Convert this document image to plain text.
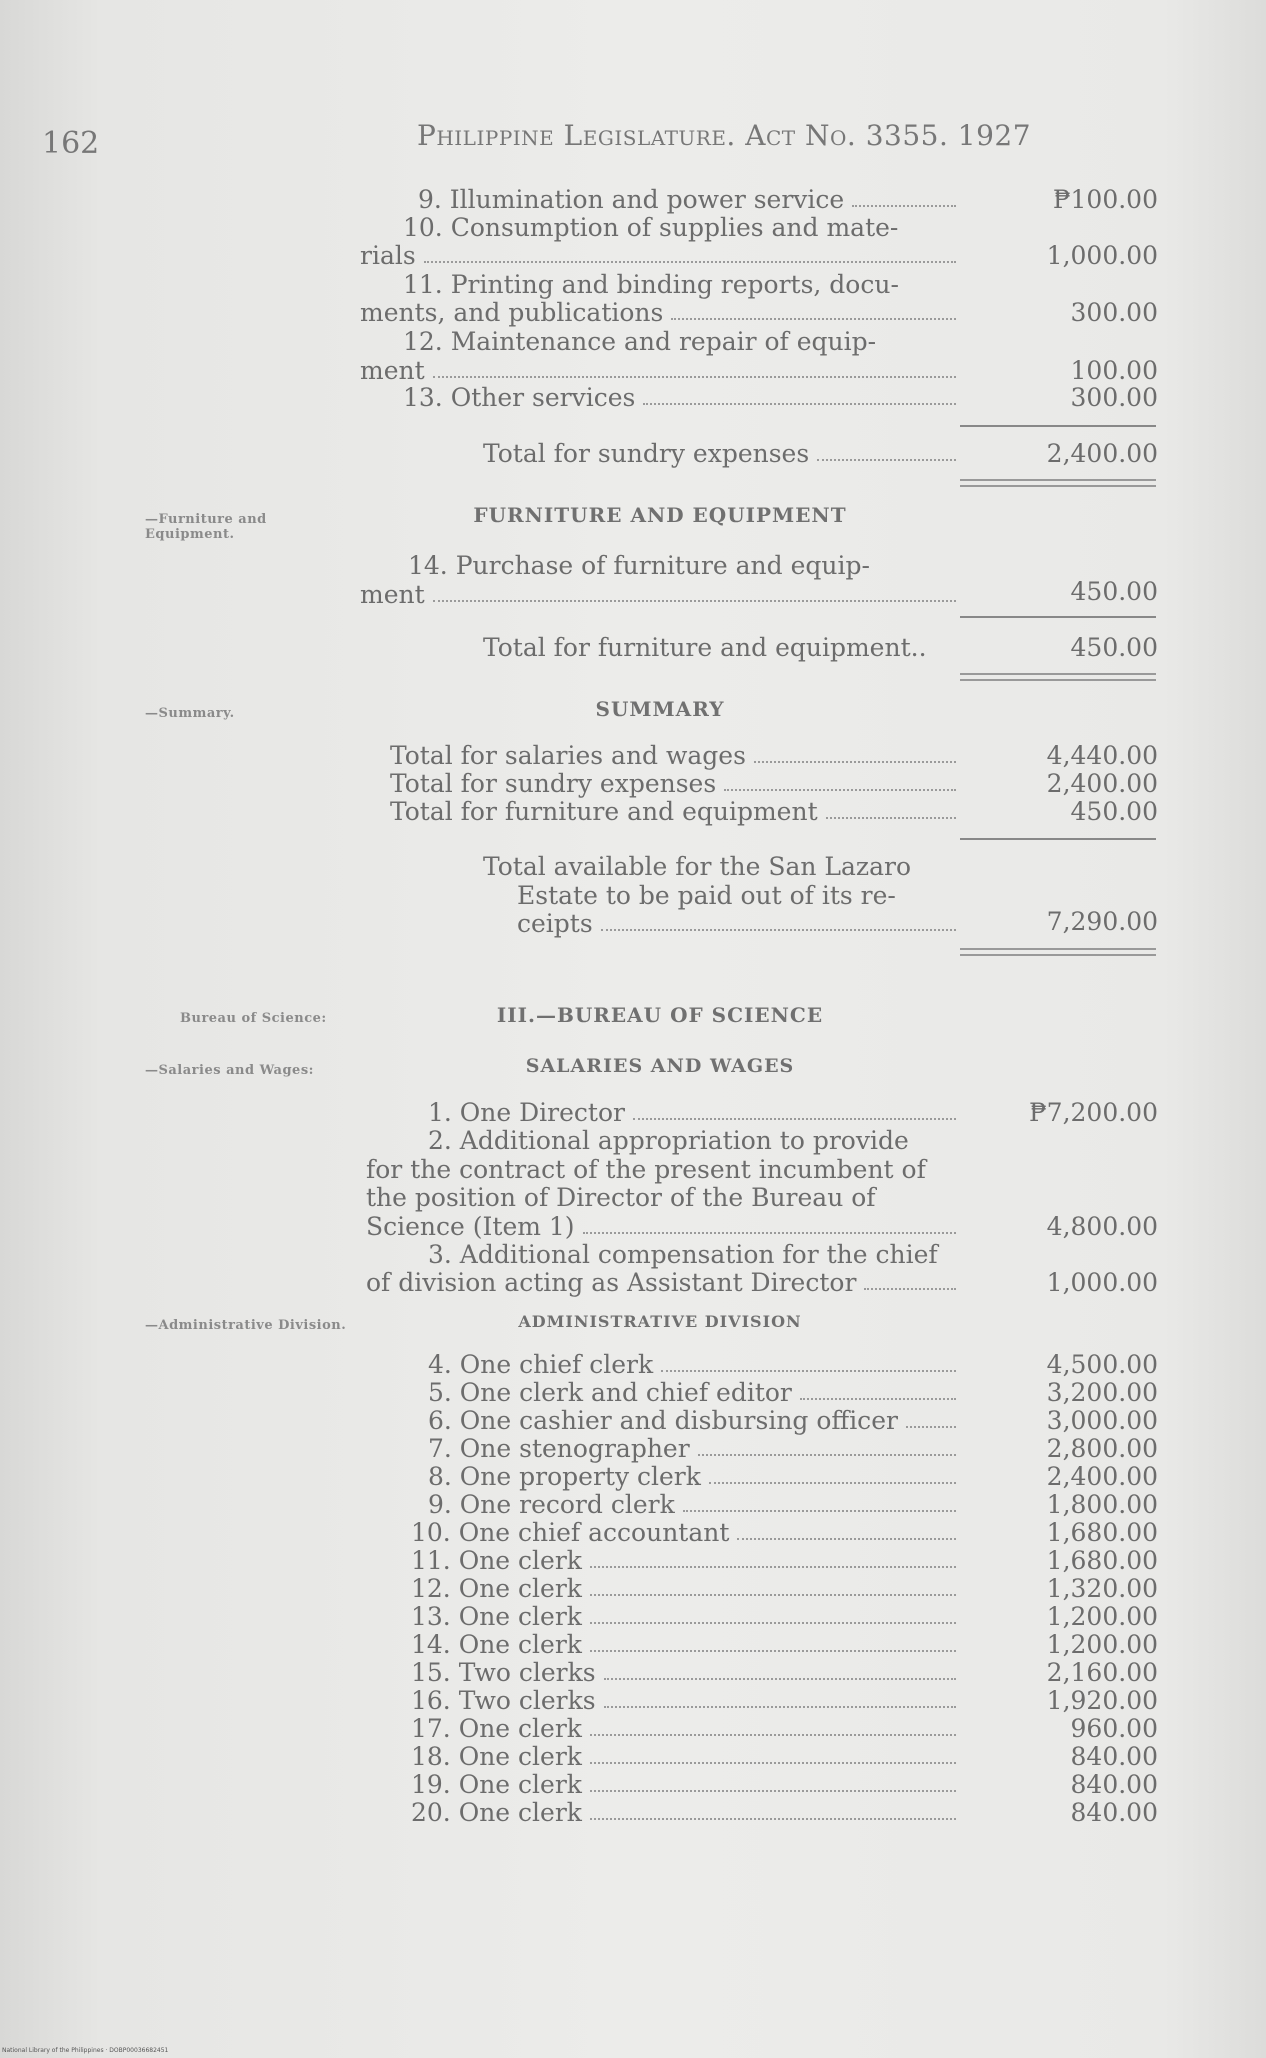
162	Philippine Legislature. Act No. 3355. 1927
9. Illumination and power service	₱100.00
10. Consumption of supplies and mate-
rials	1,000.00
11. Printing and binding reports, docu-
ments, and publications	300.00
12. Maintenance and repair of equip-
ment	100.00
13. Other services	300.00
Total for sundry expenses	2,400.00
—Furniture and Equipment.
FURNITURE AND EQUIPMENT
14. Purchase of furniture and equip-
ment	450.00
Total for furniture and equipment..	450.00
—Summary.	SUMMARY
Total for salaries and wages	4,440.00
Total for sundry expenses	2,400.00
Total for furniture and equipment	450.00
Total available for the San Lazaro
Estate to be paid out of its re-
ceipts	7,290.00
Bureau of Science:	III.—BUREAU OF SCIENCE
—Salaries and Wages:	SALARIES AND WAGES
1. One Director	₱7,200.00
2. Additional appropriation to provide
for the contract of the present incumbent of
the position of Director of the Bureau of
Science (Item 1)	4,800.00
3. Additional compensation for the chief
of division acting as Assistant Director	1,000.00
—Administrative Division.	ADMINISTRATIVE DIVISION
4. One chief clerk	4,500.00
5. One clerk and chief editor	3,200.00
6. One cashier and disbursing officer	3,000.00
7. One stenographer	2,800.00
8. One property clerk	2,400.00
9. One record clerk	1,800.00
10. One chief accountant	1,680.00
11. One clerk	1,680.00
12. One clerk	1,320.00
13. One clerk	1,200.00
14. One clerk	1,200.00
15. Two clerks	2,160.00
16. Two clerks	1,920.00
17. One clerk	960.00
18. One clerk	840.00
19. One clerk	840.00
20. One clerk	840.00
National Library of the Philippines · DOBP00036682451
